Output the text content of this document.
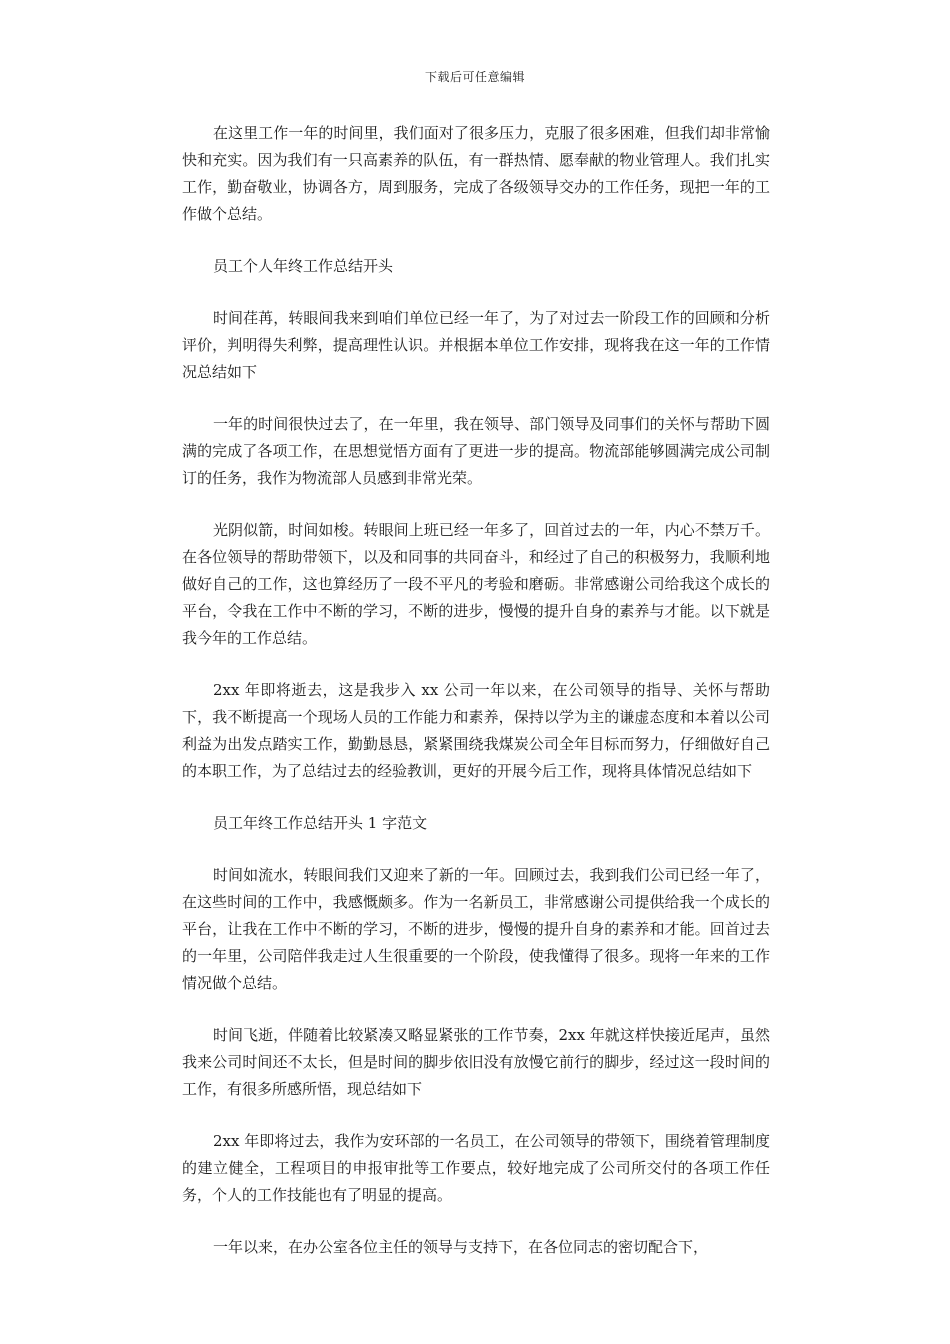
下载后可任意编辑

在这里工作一年的时间里，我们面对了很多压力，克服了很多困难，但我们却非常愉快和充实。因为我们有一只高素养的队伍，有一群热情、愿奉献的物业管理人。我们扎实工作，勤奋敬业，协调各方，周到服务，完成了各级领导交办的工作任务，现把一年的工作做个总结。

员工个人年终工作总结开头

时间荏苒，转眼间我来到咱们单位已经一年了，为了对过去一阶段工作的回顾和分析评价，判明得失利弊，提高理性认识。并根据本单位工作安排，现将我在这一年的工作情况总结如下

一年的时间很快过去了，在一年里，我在领导、部门领导及同事们的关怀与帮助下圆满的完成了各项工作，在思想觉悟方面有了更进一步的提高。物流部能够圆满完成公司制订的任务，我作为物流部人员感到非常光荣。

光阴似箭，时间如梭。转眼间上班已经一年多了，回首过去的一年，内心不禁万千。在各位领导的帮助带领下，以及和同事的共同奋斗，和经过了自己的积极努力，我顺利地做好自己的工作，这也算经历了一段不平凡的考验和磨砺。非常感谢公司给我这个成长的平台，令我在工作中不断的学习，不断的进步，慢慢的提升自身的素养与才能。以下就是我今年的工作总结。

2xx 年即将逝去，这是我步入 xx 公司一年以来，在公司领导的指导、关怀与帮助下，我不断提高一个现场人员的工作能力和素养，保持以学为主的谦虚态度和本着以公司利益为出发点踏实工作，勤勤恳恳，紧紧围绕我煤炭公司全年目标而努力，仔细做好自己的本职工作，为了总结过去的经验教训，更好的开展今后工作，现将具体情况总结如下

员工年终工作总结开头 1 字范文

时间如流水，转眼间我们又迎来了新的一年。回顾过去，我到我们公司已经一年了，在这些时间的工作中，我感慨颇多。作为一名新员工，非常感谢公司提供给我一个成长的平台，让我在工作中不断的学习，不断的进步，慢慢的提升自身的素养和才能。回首过去的一年里，公司陪伴我走过人生很重要的一个阶段，使我懂得了很多。现将一年来的工作情况做个总结。

时间飞逝，伴随着比较紧凑又略显紧张的工作节奏，2xx 年就这样快接近尾声，虽然我来公司时间还不太长，但是时间的脚步依旧没有放慢它前行的脚步，经过这一段时间的工作，有很多所感所悟，现总结如下

2xx 年即将过去，我作为安环部的一名员工，在公司领导的带领下，围绕着管理制度的建立健全，工程项目的申报审批等工作要点，较好地完成了公司所交付的各项工作任务，个人的工作技能也有了明显的提高。

一年以来，在办公室各位主任的领导与支持下，在各位同志的密切配合下，
